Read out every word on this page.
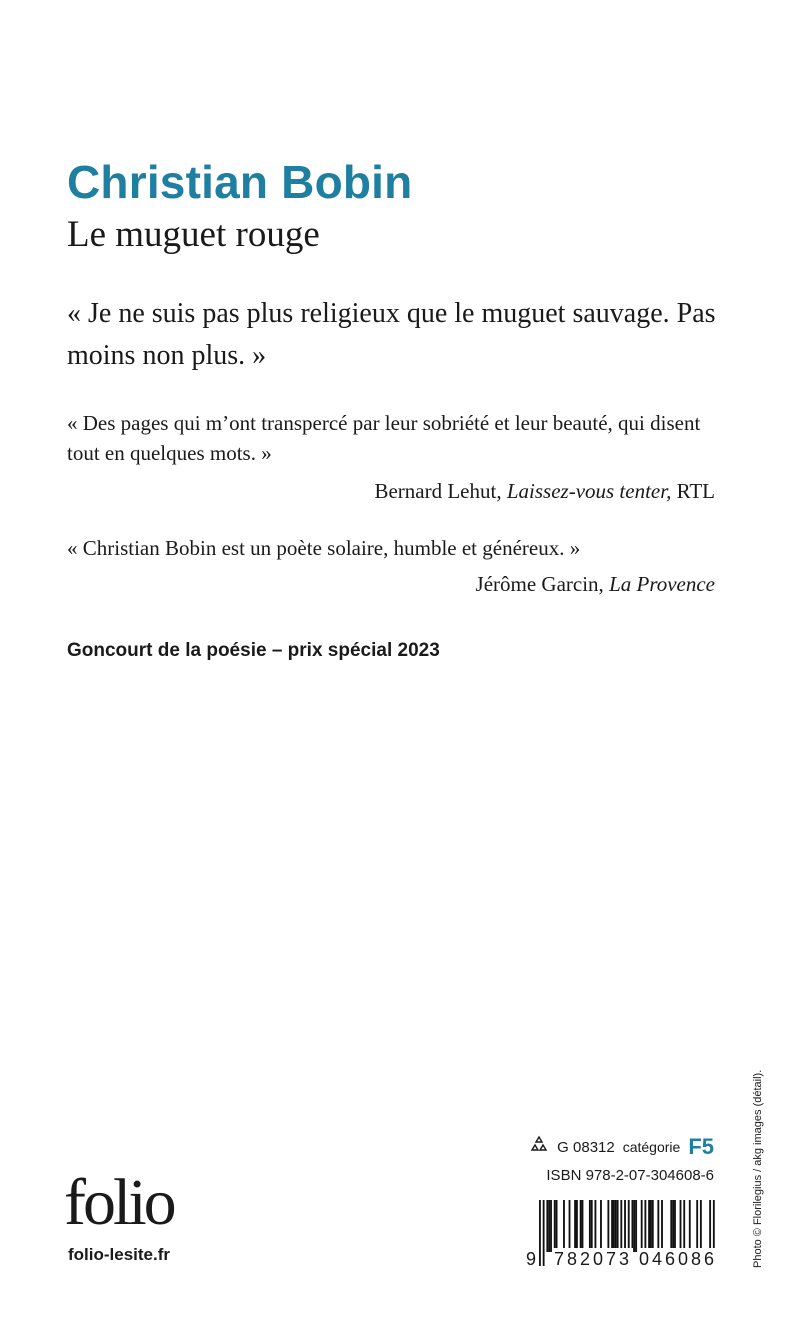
Christian Bobin
Le muguet rouge

« Je ne suis pas plus religieux que le muguet sauvage. Pas moins non plus. »

« Des pages qui m’ont transpercé par leur sobriété et leur beauté, qui disent tout en quelques mots. »

Bernard Lehut, Laissez-vous tenter, RTL

« Christian Bobin est un poète solaire, humble et généreux. »

Jérôme Garcin, La Provence

Goncourt de la poésie – prix spécial 2023

G 08312 catégorie F5
ISBN 978-2-07-304608-6
9 782073 046086
folio
folio-lesite.fr	Photo © Florilegius / akg images (détail).
